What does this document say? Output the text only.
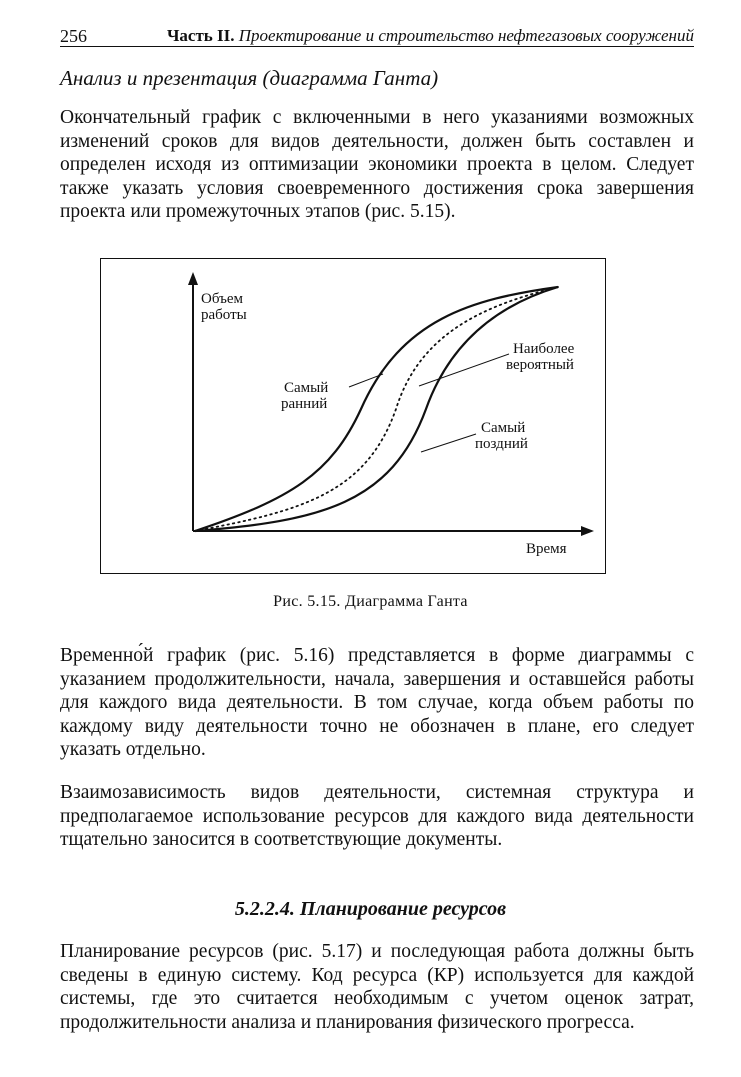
256	Часть II. Проектирование и строительство нефтегазовых сооружений
Анализ и презентация (диаграмма Ганта)

Окончательный график с включенными в него указаниями возможных изменений сроков для видов деятельности, должен быть составлен и определен исходя из оптимизации экономики проекта в целом. Следует также указать условия своевременного достижения срока завершения проекта или промежуточных этапов (рис. 5.15).

Объем
работы
Самый
ранний
Наиболее
вероятный
Самый
поздний
Время
Рис. 5.15. Диаграмма Ганта

Временно́й график (рис. 5.16) представляется в форме диаграммы с указанием продолжительности, начала, завершения и оставшейся работы для каждого вида деятельности. В том случае, когда объем работы по каждому виду деятельности точно не обозначен в плане, его следует указать отдельно.

Взаимозависимость видов деятельности, системная структура и предполагаемое использование ресурсов для каждого вида деятельности тщательно заносится в соответствующие документы.

5.2.2.4. Планирование ресурсов

Планирование ресурсов (рис. 5.17) и последующая работа должны быть сведены в единую систему. Код ресурса (КР) используется для каждой системы, где это считается необходимым с учетом оценок затрат, продолжительности анализа и планирования физического прогресса.
